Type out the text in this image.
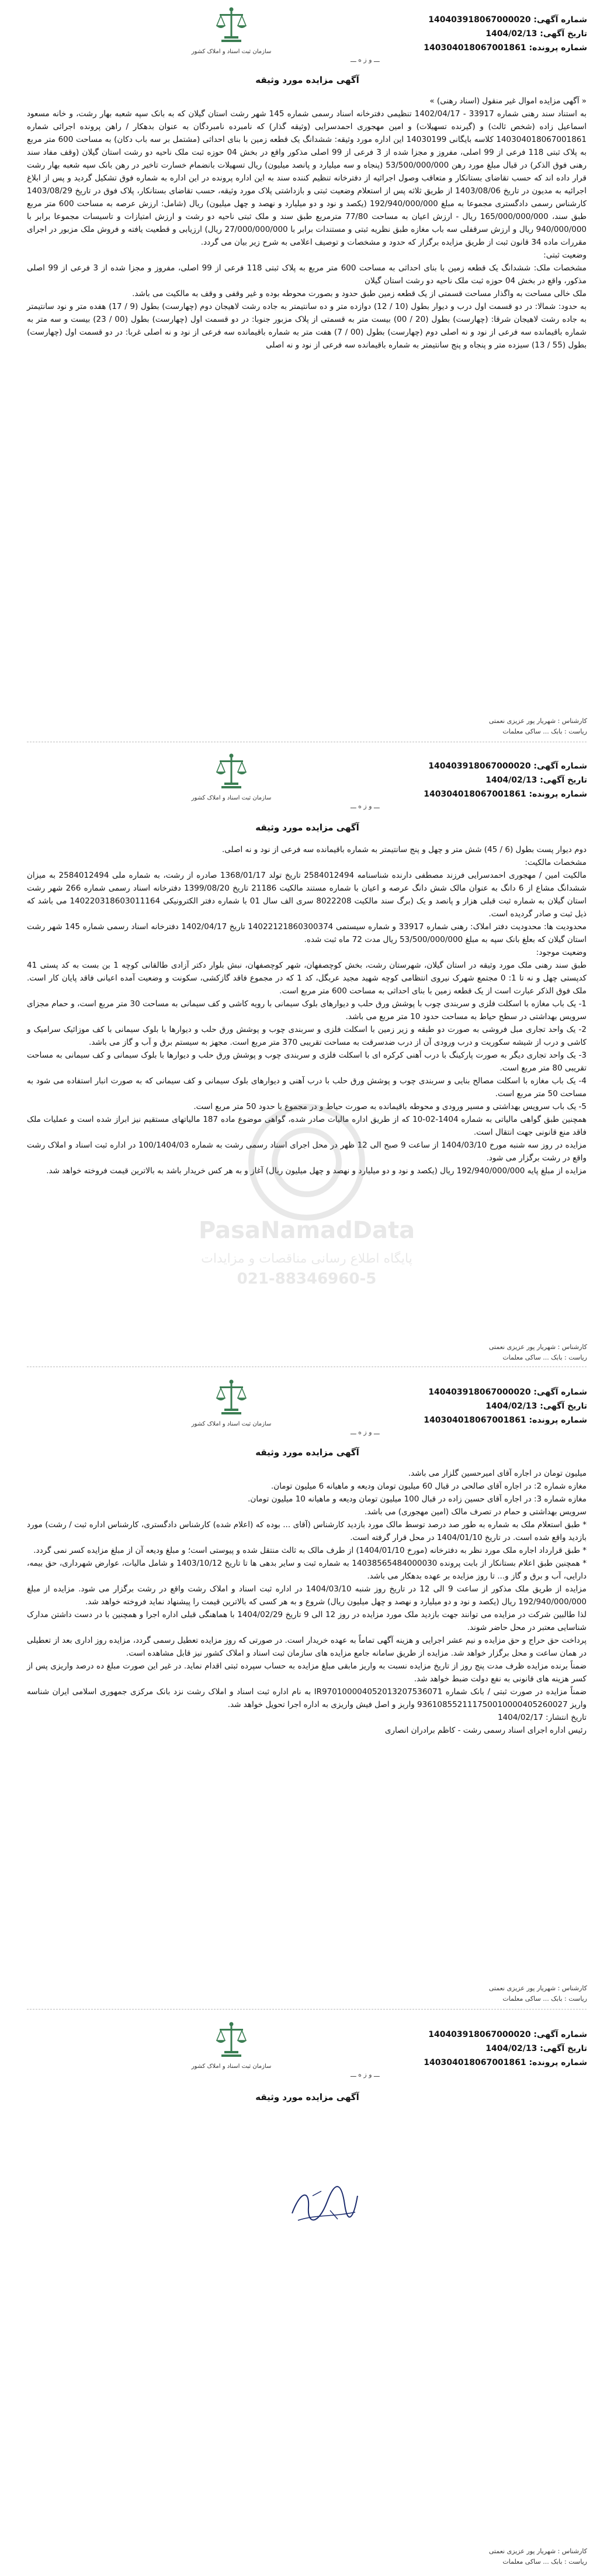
شماره آگهی: 140403918067000020
تاریخ آگهی: 1404/02/13
شماره پرونده: 140304018067001861
سازمان ثبت اسناد و املاک کشور
ـــ و ز ه ـــ
آگهی مزایده مورد وثیقه

« آگهی مزایده اموال غیر منقول (اسناد رهنی) »

به استناد سند رهنی شماره 33917 - 1402/04/17 تنظیمی دفترخانه اسناد رسمی شماره 145 شهر رشت استان گیلان که به بانک سپه شعبه بهار رشت، و خانه مسعود اسماعیل زاده (شخص ثالث) و (گیرنده تسهیلات) و امین مهجوری احمدسرایی (وثیقه گذار) که نامبرده نامبردگان به عنوان بدهکار / راهن پرونده اجرائی شماره 140304018067001861 کلاسه بایگانی 14030199 این اداره مورد وثیقه: ششدانگ یک قطعه زمین با بنای احداثی (مشتمل بر سه باب دکان) به مساحت 600 متر مربع به پلاک ثبتی 118 فرعی از 99 اصلی، مفروز و مجزا شده از 3 فرعی از 99 اصلی مذکور واقع در بخش 04 حوزه ثبت ملک ناحیه دو رشت استان گیلان (وقف مفاد سند رهنی فوق الذکر) در قبال مبلغ مورد رهن 53/500/000/000 (پنجاه و سه میلیارد و پانصد میلیون) ریال تسهیلات بانضمام خسارت تاخیر در رهن بانک سپه شعبه بهار رشت قرار داده اند که حسب تقاضای بستانکار و متعاقب وصول اجرائیه از دفترخانه تنظیم کننده سند به این اداره پرونده در این اداره به شماره فوق تشکیل گردید و پس از ابلاغ اجرائیه به مدیون در تاریخ 1403/08/06 از طریق ثلاثه پس از استعلام وضعیت ثبتی و بازداشتی پلاک مورد وثیقه، حسب تقاضای بستانکار، پلاک فوق در تاریخ 1403/08/29 کارشناس رسمی دادگستری مجموعا به مبلغ 192/940/000/000 (یکصد و نود و دو میلیارد و نهصد و چهل میلیون) ریال (شامل: ارزش عرصه به مساحت 600 متر مربع طبق سند، 165/000/000/000 ریال - ارزش اعیان به مساحت 77/80 مترمربع طبق سند و ملک ثبتی ناحیه دو رشت و ارزش امتیازات و تاسیسات مجموعا برابر با 940/000/000 ریال و ارزش سرقفلی سه باب مغازه طبق نظریه ثبتی و مستندات برابر با 27/000/000/000 ریال) ارزیابی و قطعیت یافته و فروش ملک مزبور در اجرای مقررات ماده 34 قانون ثبت از طریق مزایده برگزار که حدود و مشخصات و توصیف اعلامی به شرح زیر بیان می گردد.

وضعیت ثبتی:

مشخصات ملک: ششدانگ یک قطعه زمین با بنای احداثی به مساحت 600 متر مربع به پلاک ثبتی 118 فرعی از 99 اصلی، مفروز و مجزا شده از 3 فرعی از 99 اصلی مذکور، واقع در بخش 04 حوزه ثبت ملک ناحیه دو رشت استان گیلان

ملک خالی مساحت به واگذار مساحت قسمتی از یک قطعه زمین طبق حدود و بصورت محوطه بوده و غیر وقفی و وقف به مالکیت می باشد.

به حدود: شمالا: در دو قسمت اول درب و دیوار بطول (10 / 12) دوازده متر و ده سانتیمتر به جاده رشت لاهیجان دوم (چهارست) بطول (9 / 17) هفده متر و نود سانتیمتر به جاده رشت لاهیجان شرقا: (چهارست) بطول (20 / 00) بیست متر به قسمتی از پلاک مزبور جنوبا: در دو قسمت اول (چهارست) بطول (00 / 23) بیست و سه متر به شماره باقیمانده سه فرعی از نود و نه اصلی دوم (چهارست) بطول (00 / 7) هفت متر به شماره باقیمانده سه فرعی از نود و نه اصلی غربا: در دو قسمت اول (چهارست) بطول (55 / 13) سیزده متر و پنجاه و پنج سانتیمتر به شماره باقیمانده سه فرعی از نود و نه اصلی

کارشناس : شهریار پور عزیزی نعمتی
ریاست : بابک ... ساکی معلمات
شماره آگهی: 140403918067000020
تاریخ آگهی: 1404/02/13
شماره پرونده: 140304018067001861
سازمان ثبت اسناد و املاک کشور
ـــ و ز ه ـــ
آگهی مزایده مورد وثیقه

دوم دیوار پست بطول (6 / 45) شش متر و چهل و پنج سانتیمتر به شماره باقیمانده سه فرعی از نود و نه اصلی.

مشخصات مالکیت:

مالکیت امین / مهجوری احمدسرایی فرزند مصطفی دارنده شناسنامه 2584012494 تاریخ تولد 1368/01/17 صادره از رشت، به شماره ملی 2584012494 به میزان ششدانگ مشاع از 6 دانگ به عنوان مالک شش دانگ عرصه و اعیان با شماره مستند مالکیت 21186 تاریخ 1399/08/20 دفترخانه اسناد رسمی شماره 266 شهر رشت استان گیلان به شماره ثبت قبلی هزار و پانصد و یک (برگ سند مالکیت 8022208 سری الف سال 01 با شماره دفتر الکترونیکی 140220318603011164 می باشد که ذیل ثبت و صادر گردیده است.

محدودیت ها: محدودیت دفتر املاک: رهنی شماره 33917 و شماره سیستمی 14022121860300374 تاریخ 1402/04/17 دفترخانه اسناد رسمی شماره 145 شهر رشت استان گیلان که بعلغ بانک سپه به مبلغ 53/500/000/000 ریال مدت 72 ماه ثبت شده.

وضعیت موجود:

طبق سند رهنی ملک مورد وثیقه در استان گیلان، شهرستان رشت، بخش کوچصفهان، شهر کوچصفهان، نبش بلوار دکتر آزادی طالقانی کوچه 1 بن بست به کد پستی 41 کدپستی چهل و نه تا 1: 0 مجتمع شهرک نیروی انتظامی کوچه شهید مجید عربگل، کد 1 که در مجموع فاقد گازکشی، سکونت و وضعیت آمده اعیانی فاقد پایان کار است. ملک فوق الذکر عبارت است از یک قطعه زمین با بنای احداثی به مساحت 600 متر مربع است.

1- یک باب مغازه با اسکلت فلزی و سربندی چوب با پوشش ورق حلب و دیوارهای بلوک سیمانی با رویه کاشی و کف سیمانی به مساحت 30 متر مربع است، و حمام مجزای سرویس بهداشتی در سطح حیاط به مساحت حدود 10 متر مربع می باشد.

2- یک واحد تجاری مبل فروشی به صورت دو طبقه و زیر زمین با اسکلت فلزی و سربندی چوب و پوشش ورق حلب و دیوارها با بلوک سیمانی با کف موزائیک سرامیک و کاشی و درب از شیشه سکوریت و درب ورودی آن از درب ضدسرقت به مساحت تقریبی 370 متر مربع است. مجهز به سیستم برق و آب و گاز می باشد.

3- یک واحد تجاری دیگر به صورت پارکینگ با درب آهنی کرکره ای با اسکلت فلزی و سربندی چوب و پوشش ورق حلب و دیوارها با بلوک سیمانی و کف سیمانی به مساحت تقریبی 80 متر مربع است.

4- یک باب مغازه با اسکلت مصالح بنایی و سربندی چوب و پوشش ورق حلب با درب آهنی و دیوارهای بلوک سیمانی و کف سیمانی که به صورت انبار استفاده می شود به مساحت 50 متر مربع است.

5- یک باب سرویس بهداشتی و مسیر ورودی و محوطه باقیمانده به صورت حیاط و در مجموع با حدود 50 متر مربع است.

همچنین طبق گواهی مالیاتی به شماره 1404-02-10 که از طریق اداره مالیات صادر شده، گواهی موضوع ماده 187 مالیاتهای مستقیم نیز ابراز شده است و عملیات ملک فاقد منع قانونی جهت انتقال است.

مزایده در روز سه شنبه مورخ 1404/03/10 از ساعت 9 صبح الی 12 ظهر در محل اجرای اسناد رسمی رشت به شماره 100/1404/03 در اداره ثبت اسناد و املاک رشت واقع در رشت برگزار می شود.

مزایده از مبلغ پایه 192/940/000/000 ریال (یکصد و نود و دو میلیارد و نهصد و چهل میلیون ریال) آغاز و به هر کس خریدار باشد به بالاترین قیمت فروخته خواهد شد.

کارشناس : شهریار پور عزیزی نعمتی
ریاست : بابک ... ساکی معلمات
PasaNamadData
پایگاه اطلاع رسانی مناقصات و مزایدات
021-88346960-5
شماره آگهی: 140403918067000020
تاریخ آگهی: 1404/02/13
شماره پرونده: 140304018067001861
سازمان ثبت اسناد و املاک کشور
ـــ و ز ه ـــ
آگهی مزایده مورد وثیقه

میلیون تومان در اجاره آقای امیرحسین گلزار می باشد.

مغازه شماره 2: در اجاره آقای صالحی در قبال 60 میلیون تومان ودیعه و ماهیانه 6 میلیون تومان.

مغازه شماره 3: در اجاره آقای حسین زاده در قبال 100 میلیون تومان ودیعه و ماهیانه 10 میلیون تومان.

سرویس بهداشتی و حمام در تصرف مالک (امین مهجوری) می باشد.

* طبق استعلام ملک به شماره به طور صد درصد توسط مالک مورد بازدید کارشناس (آقای ... بوده که (اعلام شده) کارشناس دادگستری، کارشناس اداره ثبت / رشت) مورد بازدید واقع شده است. در تاریخ 1404/01/10 در محل قرار گرفته است.

* طبق قرارداد اجاره ملک مورد نظر به دفترخانه (مورخ 1404/01/10) از طرف مالک به ثالث منتقل شده و پیوستی است؛ و مبلغ ودیعه آن از مبلغ مزایده کسر نمی گردد.

* همچنین طبق اعلام بستانکار از بابت پرونده 14038565484000030 به شماره ثبت و سایر بدهی ها تا تاریخ 1403/10/12 و شامل مالیات، عوارض شهرداری، حق بیمه، دارایی، آب و برق و گاز و... تا روز مزایده بر عهده بدهکار می باشد.

مزایده از طریق ملک مذکور از ساعت 9 الی 12 در تاریخ روز شنبه 1404/03/10 در اداره ثبت اسناد و املاک رشت واقع در رشت برگزار می شود. مزایده از مبلغ 192/940/000/000 ریال (یکصد و نود و دو میلیارد و نهصد و چهل میلیون ریال) شروع و به هر کسی که بالاترین قیمت را پیشنهاد نماید فروخته خواهد شد.

لذا طالبین شرکت در مزایده می توانند جهت بازدید ملک مورد مزایده در روز 12 الی 9 تاریخ 1404/02/29 با هماهنگی قبلی اداره اجرا و همچنین با در دست داشتن مدارک شناسایی معتبر در محل حاضر شوند.

پرداخت حق حراج و حق مزایده و نیم عشر اجرایی و هزینه آگهی تماماً به عهده خریدار است. در صورتی که روز مزایده تعطیل رسمی گردد، مزایده روز اداری بعد از تعطیلی در همان ساعت و محل برگزار خواهد شد. مزایده از طریق سامانه جامع مزایده های سازمان ثبت اسناد و املاک کشور نیز قابل مشاهده است.

ضمناً برنده مزایده ظرف مدت پنج روز از تاریخ مزایده نسبت به واریز مابقی مبلغ مزایده به حساب سپرده ثبتی اقدام نماید. در غیر این صورت مبلغ ده درصد واریزی پس از کسر هزینه های قانونی به نفع دولت ضبط خواهد شد.

ضمناً مزایده در صورت ثبتی / بانک شماره IR970100004052013207536071 به نام اداره ثبت اسناد و املاک رشت نزد بانک مرکزی جمهوری اسلامی ایران شناسه واریز 936108552111750010000405260027 واریز و اصل فیش واریزی به اداره اجرا تحویل خواهد شد.

تاریخ انتشار: 1404/02/17

رئیس اداره اجرای اسناد رسمی رشت - کاظم برادران انصاری

کارشناس : شهریار پور عزیزی نعمتی
ریاست : بابک ... ساکی معلمات
شماره آگهی: 140403918067000020
تاریخ آگهی: 1404/02/13
شماره پرونده: 140304018067001861
سازمان ثبت اسناد و املاک کشور
ـــ و ز ه ـــ
آگهی مزایده مورد وثیقه
کارشناس : شهریار پور عزیزی نعمتی
ریاست : بابک ... ساکی معلمات
